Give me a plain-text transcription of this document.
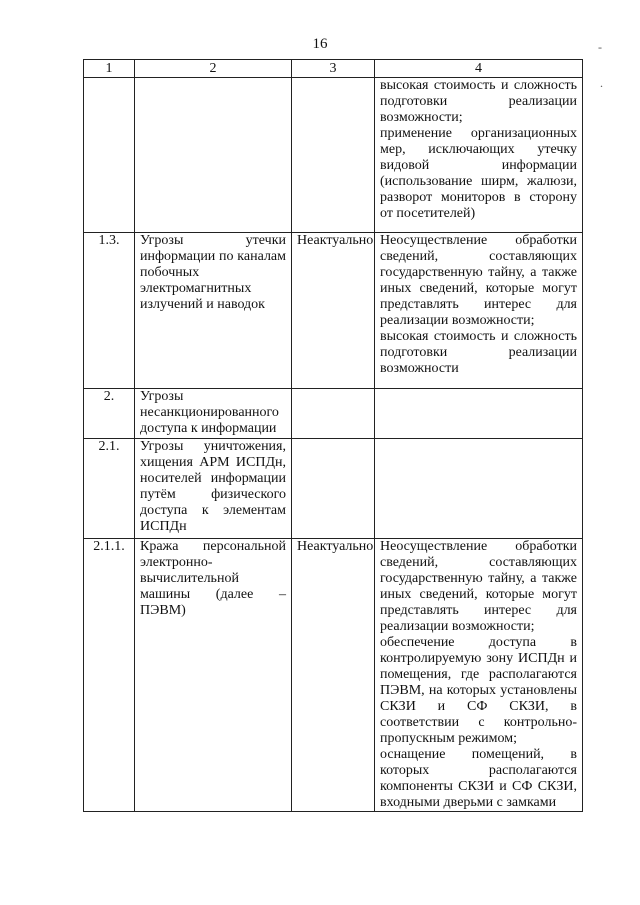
16	-
.
1	2	3	4

			высокая стоимость и сложность подготовки реализации возможности;

применение организационных мер, исключающих утечку видовой информации (использование ширм, жалюзи, разворот мониторов в сторону от посетителей)

1.3.	Угрозы утечки информации по каналам побочных электромагнитных излучений и наводок	Неактуально	Неосуществление обработки сведений, составляющих государственную тайну, а также иных сведений, которые могут представлять интерес для реализации возможности;

высокая стоимость и сложность подготовки реализации возможности

2.	Угрозы несанкционированного доступа к информации		
2.1.	Угрозы уничтожения, хищения АРМ ИСПДн, носителей информации путём физического доступа к элементам ИСПДн		
2.1.1.	Кража персональной электронно-вычислительной машины (далее – ПЭВМ)	Неактуально	Неосуществление обработки сведений, составляющих государственную тайну, а также иных сведений, которые могут представлять интерес для реализации возможности;

обеспечение доступа в контролируемую зону ИСПДн и помещения, где располагаются ПЭВМ, на которых установлены СКЗИ и СФ СКЗИ, в соответствии с контрольно-пропускным режимом;

оснащение помещений, в которых располагаются компоненты СКЗИ и СФ СКЗИ, входными дверьми с замками
